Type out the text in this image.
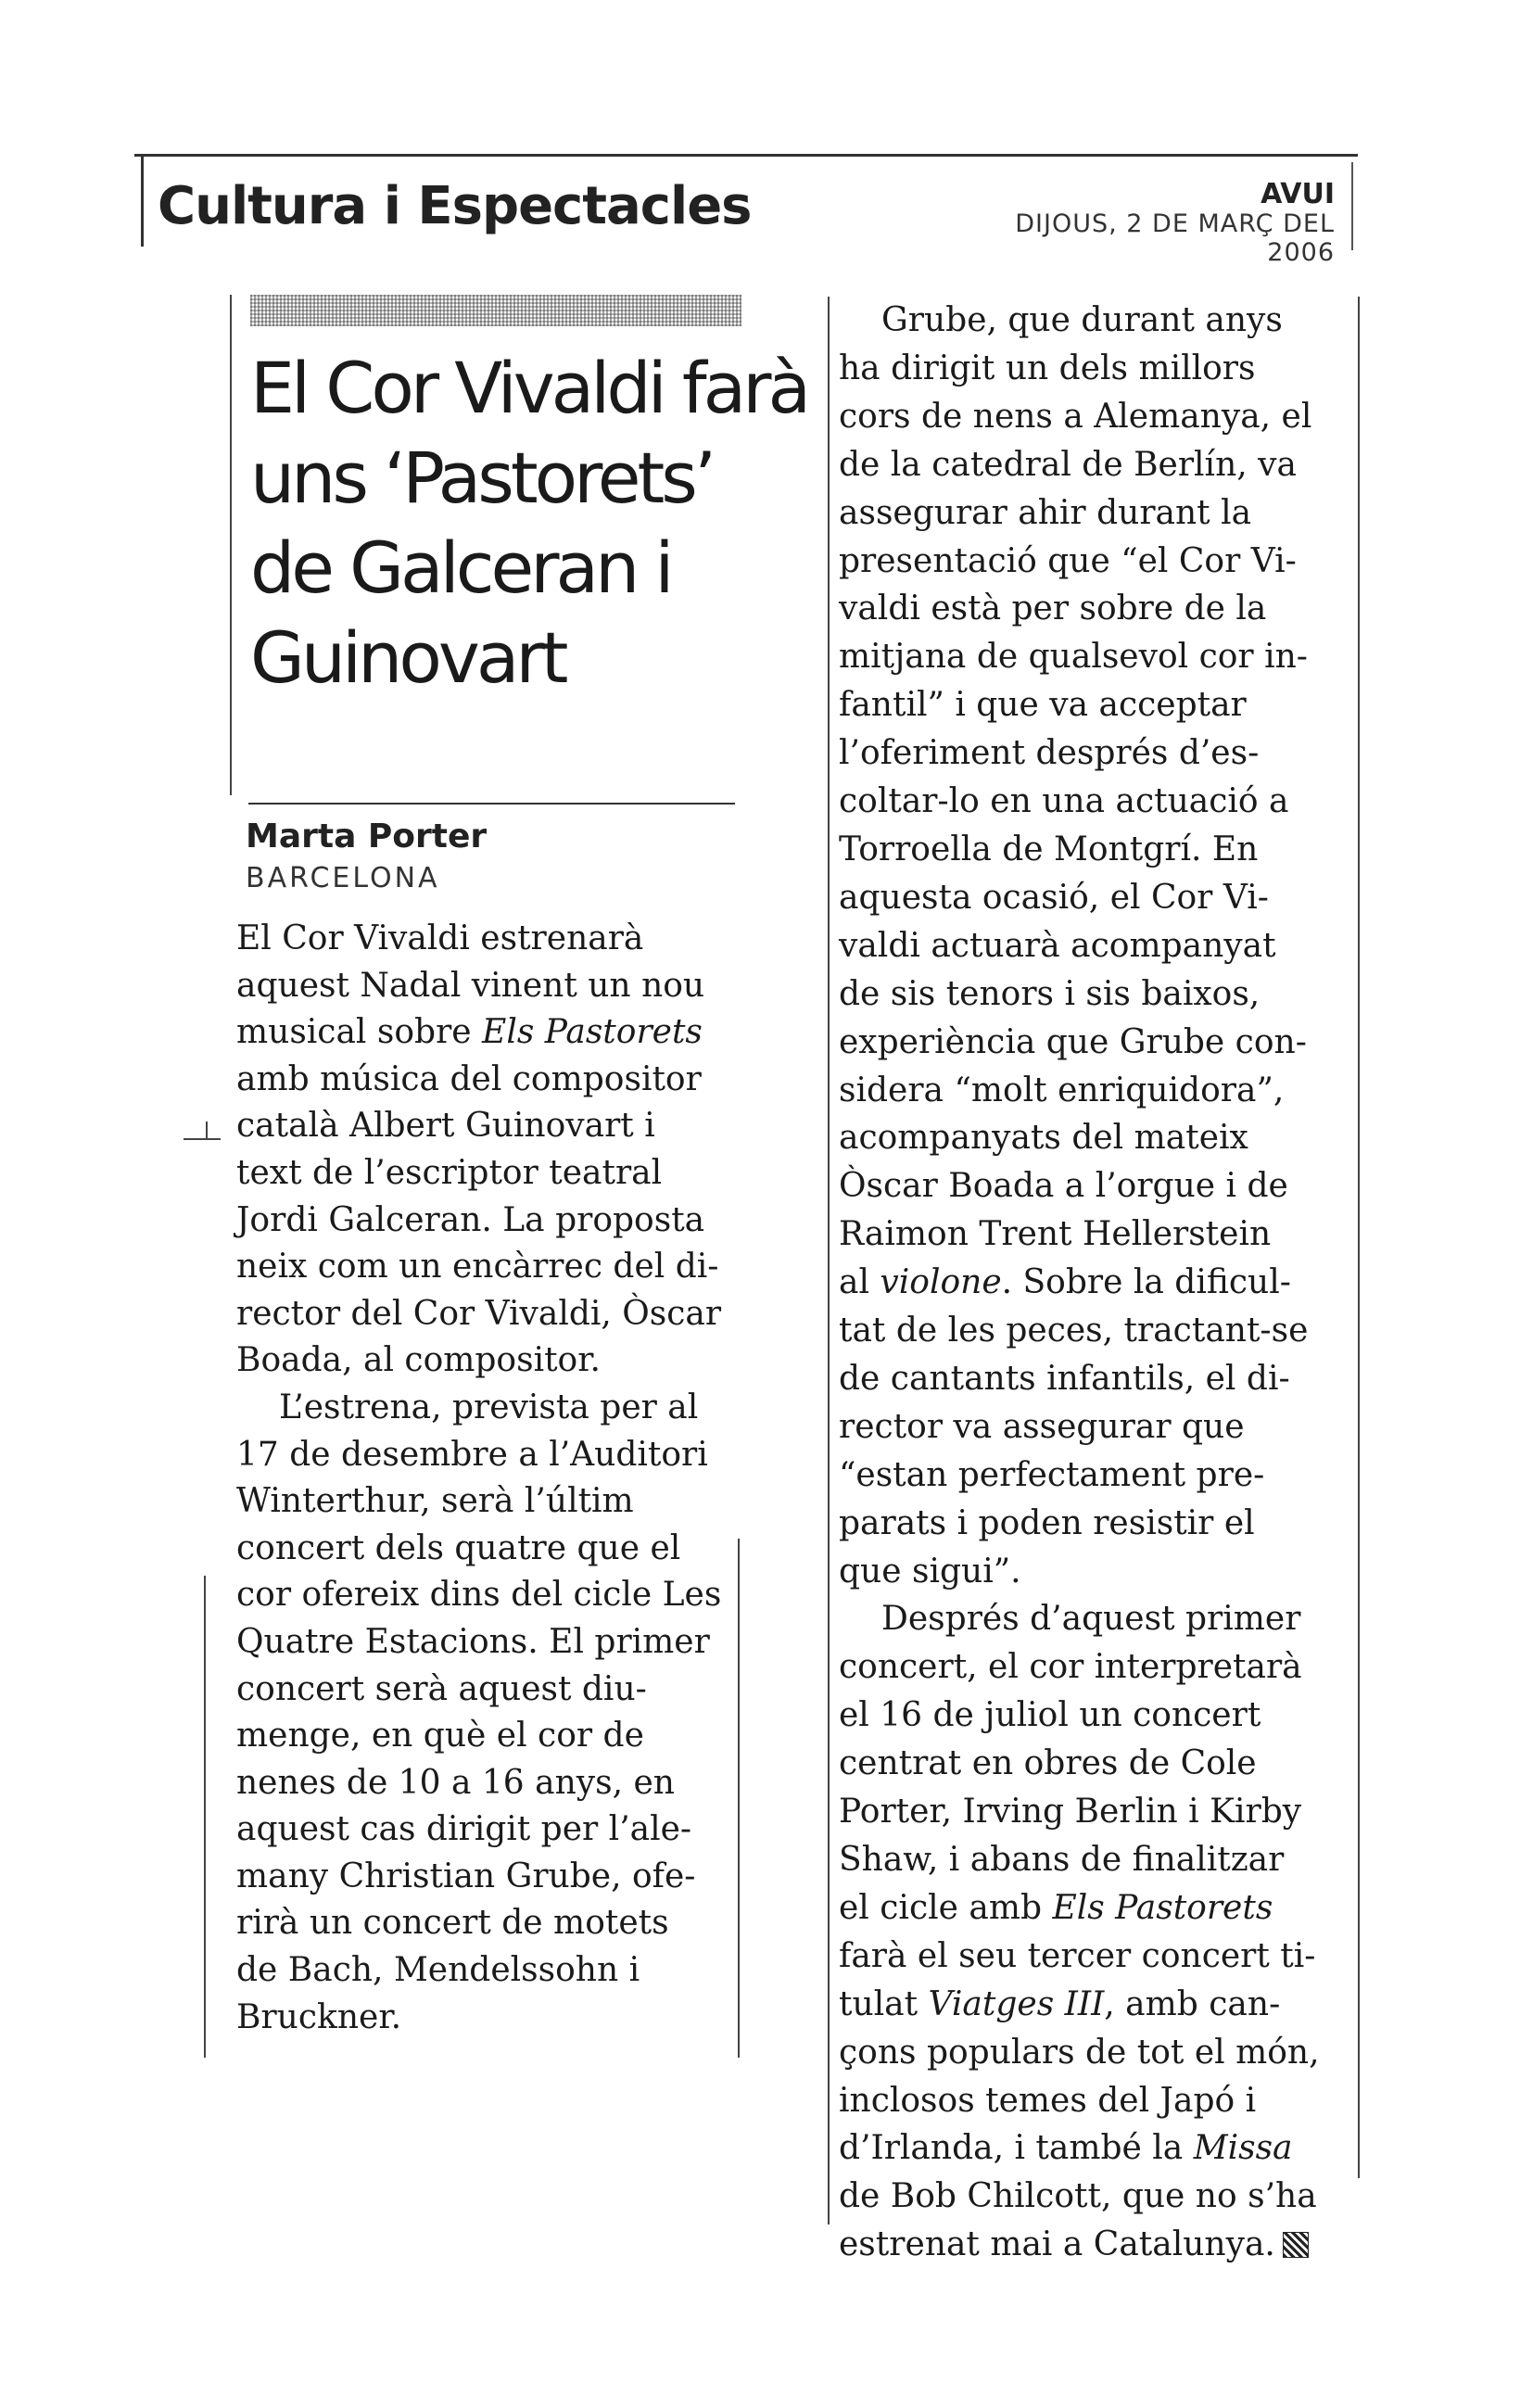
Cultura i Espectacles	AVUI
DIJOUS, 2 DE MARÇ DEL 2006
El Cor Vivaldi farà
uns ‘Pastorets’
de Galceran i
Guinovart
Marta Porter
BARCELONA
El Cor Vivaldi estrenarà
aquest Nadal vinent un nou
musical sobre Els Pastorets
amb música del compositor
català Albert Guinovart i
text de l’escriptor teatral
Jordi Galceran. La proposta
neix com un encàrrec del di-
rector del Cor Vivaldi, Òscar
Boada, al compositor.
L’estrena, prevista per al
17 de desembre a l’Auditori
Winterthur, serà l’últim
concert dels quatre que el
cor ofereix dins del cicle Les
Quatre Estacions. El primer
concert serà aquest diu-
menge, en què el cor de
nenes de 10 a 16 anys, en
aquest cas dirigit per l’ale-
many Christian Grube, ofe-
rirà un concert de motets
de Bach, Mendelssohn i
Bruckner.
Grube, que durant anys
ha dirigit un dels millors
cors de nens a Alemanya, el
de la catedral de Berlín, va
assegurar ahir durant la
presentació que “el Cor Vi-
valdi està per sobre de la
mitjana de qualsevol cor in-
fantil” i que va acceptar
l’oferiment després d’es-
coltar-lo en una actuació a
Torroella de Montgrí. En
aquesta ocasió, el Cor Vi-
valdi actuarà acompanyat
de sis tenors i sis baixos,
experiència que Grube con-
sidera “molt enriquidora”,
acompanyats del mateix
Òscar Boada a l’orgue i de
Raimon Trent Hellerstein
al violone. Sobre la dificul-
tat de les peces, tractant-se
de cantants infantils, el di-
rector va assegurar que
“estan perfectament pre-
parats i poden resistir el
que sigui”.
Després d’aquest primer
concert, el cor interpretarà
el 16 de juliol un concert
centrat en obres de Cole
Porter, Irving Berlin i Kirby
Shaw, i abans de finalitzar
el cicle amb Els Pastorets
farà el seu tercer concert ti-
tulat Viatges III, amb can-
çons populars de tot el món,
inclosos temes del Japó i
d’Irlanda, i també la Missa
de Bob Chilcott, que no s’ha
estrenat mai a Catalunya.
